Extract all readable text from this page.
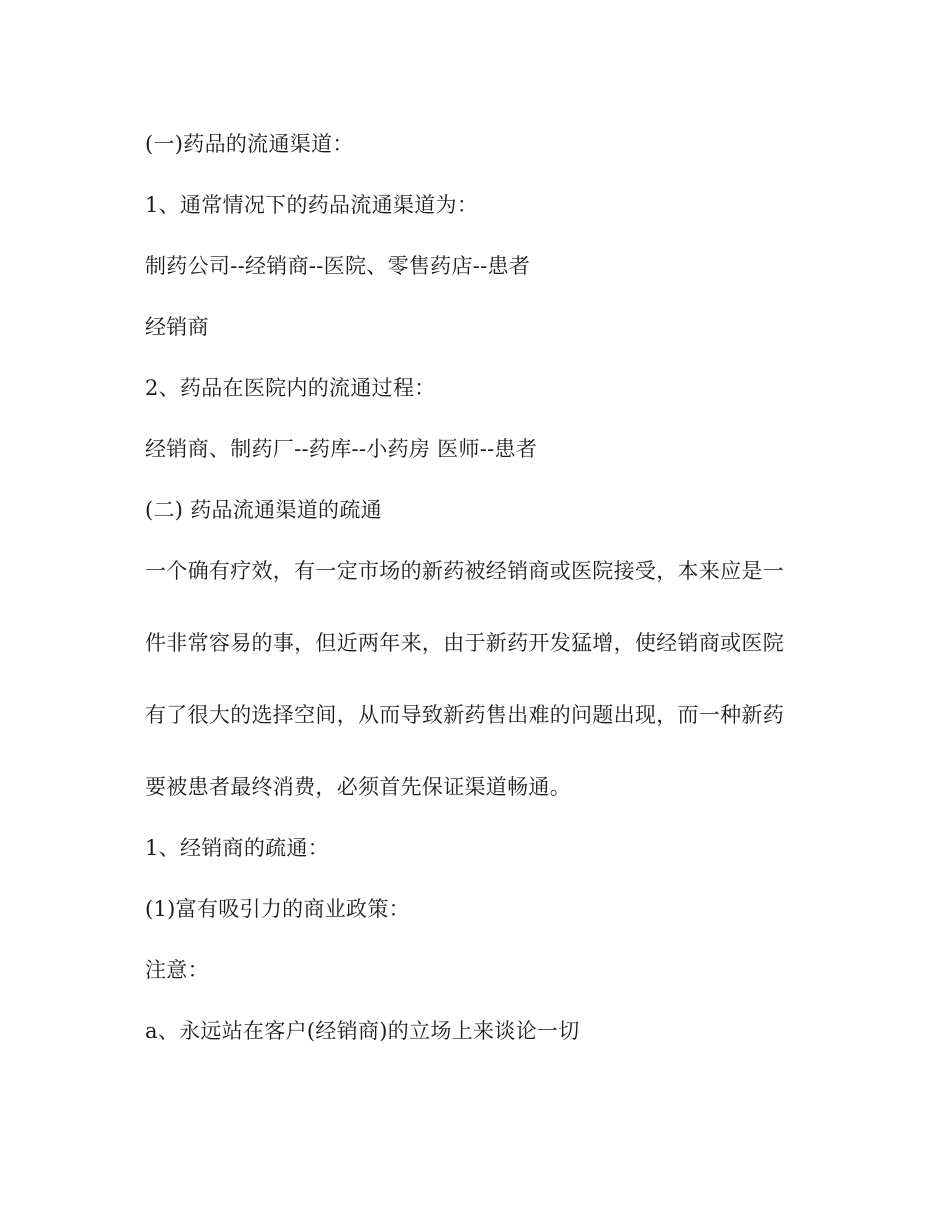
(一)药品的流通渠道：

1、通常情况下的药品流通渠道为：

制药公司--经销商--医院、零售药店--患者

经销商

2、药品在医院内的流通过程：

经销商、制药厂--药库--小药房 医师--患者

(二) 药品流通渠道的疏通

一个确有疗效，有一定市场的新药被经销商或医院接受，本来应是一

件非常容易的事，但近两年来，由于新药开发猛增，使经销商或医院

有了很大的选择空间，从而导致新药售出难的问题出现，而一种新药

要被患者最终消费，必须首先保证渠道畅通。

1、经销商的疏通：

(1)富有吸引力的商业政策：

注意：

a、永远站在客户(经销商)的立场上来谈论一切
